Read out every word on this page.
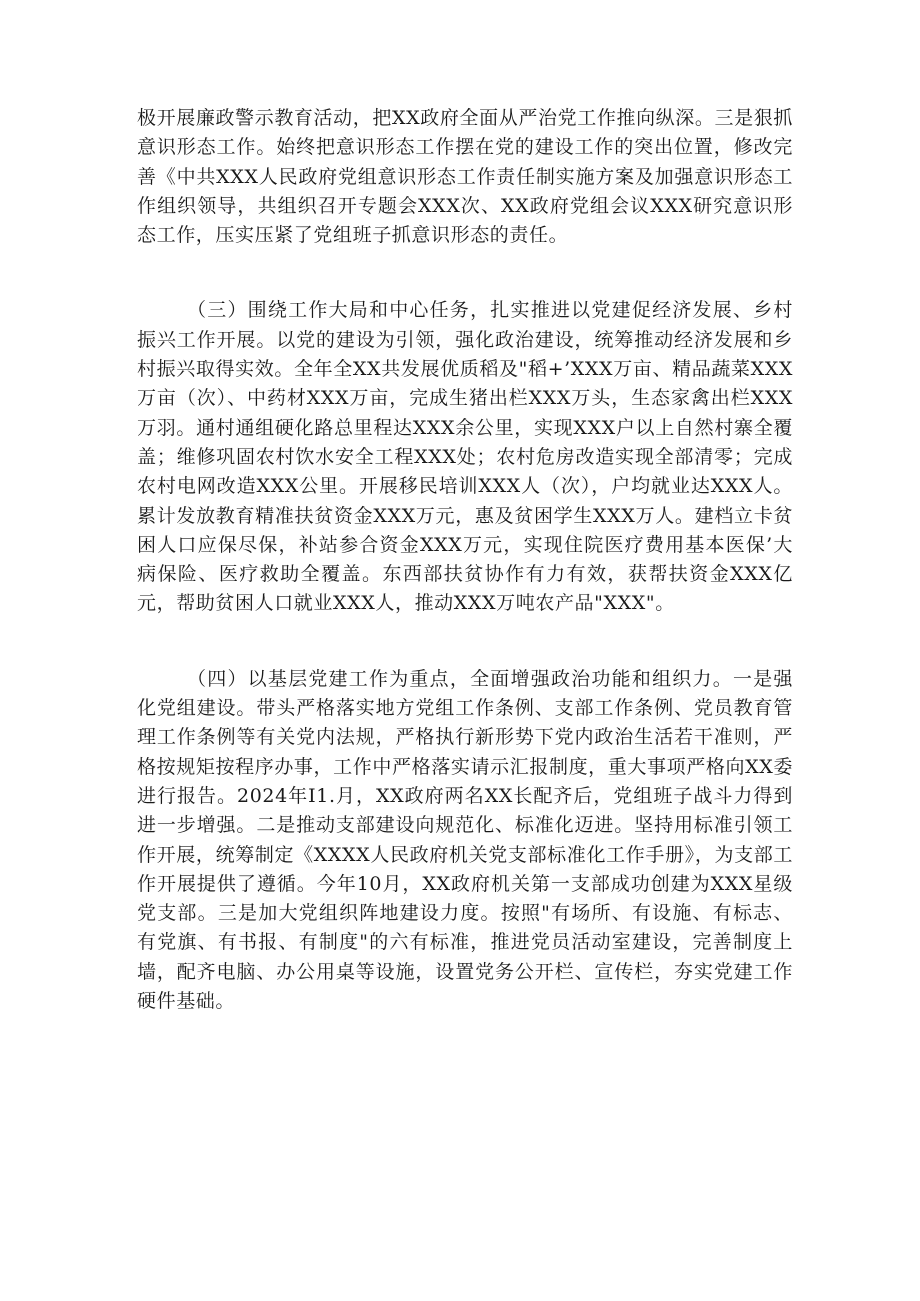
极开展廉政警示教育活动，把XX政府全面从严治党工作推向纵深。三是狠抓意识形态工作。始终把意识形态工作摆在党的建设工作的突出位置，修改完善《中共XXX人民政府党组意识形态工作责任制实施方案及加强意识形态工作组织领导，共组织召开专题会XXX次、XX政府党组会议XXX研究意识形态工作，压实压紧了党组班子抓意识形态的责任。

（三）围绕工作大局和中心任务，扎实推进以党建促经济发展、乡村振兴工作开展。以党的建设为引领，强化政治建设，统筹推动经济发展和乡村振兴取得实效。全年全XX共发展优质稻及"稻+’XXX万亩、精品蔬菜XXX万亩（次）、中药材XXX万亩，完成生猪出栏XXX万头，生态家禽出栏XXX万羽。通村通组硬化路总里程达XXX余公里，实现XXX户以上自然村寨全覆盖；维修巩固农村饮水安全工程XXX处；农村危房改造实现全部清零；完成农村电网改造XXX公里。开展移民培训XXX人（次），户均就业达XXX人。累计发放教育精准扶贫资金XXX万元，惠及贫困学生XXX万人。建档立卡贫困人口应保尽保，补站参合资金XXX万元，实现住院医疗费用基本医保’大病保险、医疗救助全覆盖。东西部扶贫协作有力有效，获帮扶资金XXX亿元，帮助贫困人口就业XXX人，推动XXX万吨农产品"XXX"。

（四）以基层党建工作为重点，全面增强政治功能和组织力。一是强化党组建设。带头严格落实地方党组工作条例、支部工作条例、党员教育管理工作条例等有关党内法规，严格执行新形势下党内政治生活若干准则，严格按规矩按程序办事，工作中严格落实请示汇报制度，重大事项严格向XX委进行报告。2024年I1.月，XX政府两名XX长配齐后，党组班子战斗力得到进一步增强。二是推动支部建设向规范化、标准化迈进。坚持用标准引领工作开展，统筹制定《XXXX人民政府机关党支部标准化工作手册》，为支部工作开展提供了遵循。今年10月，XX政府机关第一支部成功创建为XXX星级党支部。三是加大党组织阵地建设力度。按照"有场所、有设施、有标志、有党旗、有书报、有制度"的六有标准，推进党员活动室建设，完善制度上墙，配齐电脑、办公用桌等设施，设置党务公开栏、宣传栏，夯实党建工作硬件基础。
